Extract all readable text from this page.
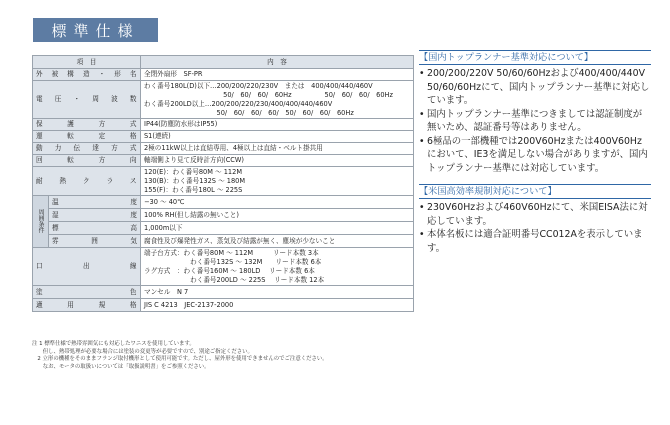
標準仕様
項　目		内　容
外被構造・形名		全閉外扇形　SF-PR
電圧・周波数		わく番号180L(D)以下…200/200/220/230V　または　400/400/440/460V
　　　　　　　　　　　　50/　60/　60/　60Hz　　　　　50/　60/　60/　60Hz
わく番号200LD以上…200/200/220/230/400/400/440/460V
　　　　　　　　　　　50/　60/　60/　60/　50/　60/　60/　60Hz
保護方式		IP44(防塵防水形はIP55)
運転定格		S1(連続)
動力伝達方式		2極の11kW以上は直結専用、4極以上は直結・ベルト掛共用
回転方向		軸端側より見て反時計方向(CCW)
耐熱クラス		120(E)：わく番号80M ～ 112M
130(B)：わく番号132S ～ 180M
155(F)：わく番号180L ～ 225S
周囲条件	温度	−30 ～ 40℃
	湿度	100% RH(但し結露の無いこと)
	標高	1,000m以下
	雰囲気	腐食性及び爆発性ガス、蒸気及び結露が無く、塵埃が少ないこと
口出線		端子台方式：わく番号80M ～ 112M　　　リード本数 3本
　　　　　　　わく番号132S ～ 132M　　リード本数 6本
ラグ方式　：わく番号160M ～ 180LD　 リード本数 6本
　　　　　　　わく番号200LD ～ 225S　 リード本数 12本
塗色		マンセル　N 7
適用規格		JIS C 4213　JEC-2137-2000
注 1 標準仕様で熱帯雰囲気にも対応したワニスを使用しています。
　　但し、熱帯処理が必要な場合には塗装の変更等が必要ですので、別途ご指定ください。
　2 立形の機種をそのままフランジ取付機形として使用可能です。ただし、屋外形を使用できませんのでご注意ください。
　　なお、モータの取扱いについては「取扱説明書」をご参照ください。
【国内トップランナー基準対応について】
• 200/200/220V 50/60/60Hzおよび400/400/440V 50/60/60Hzにて、国内トップランナー基準に対応しています。
• 国内トップランナー基準につきましては認証制度が無いため、認証番号等はありません。
• 6極品の一部機種では200V60Hzまたは400V60Hzにおいて、IE3を満足しない場合がありますが、国内トップランナー基準には対応しています。
【米国高効率規制対応について】
• 230V60Hzおよび460V60Hzにて、米国EISA法に対応しています。
• 本体名板には適合証明番号CC012Aを表示しています。
